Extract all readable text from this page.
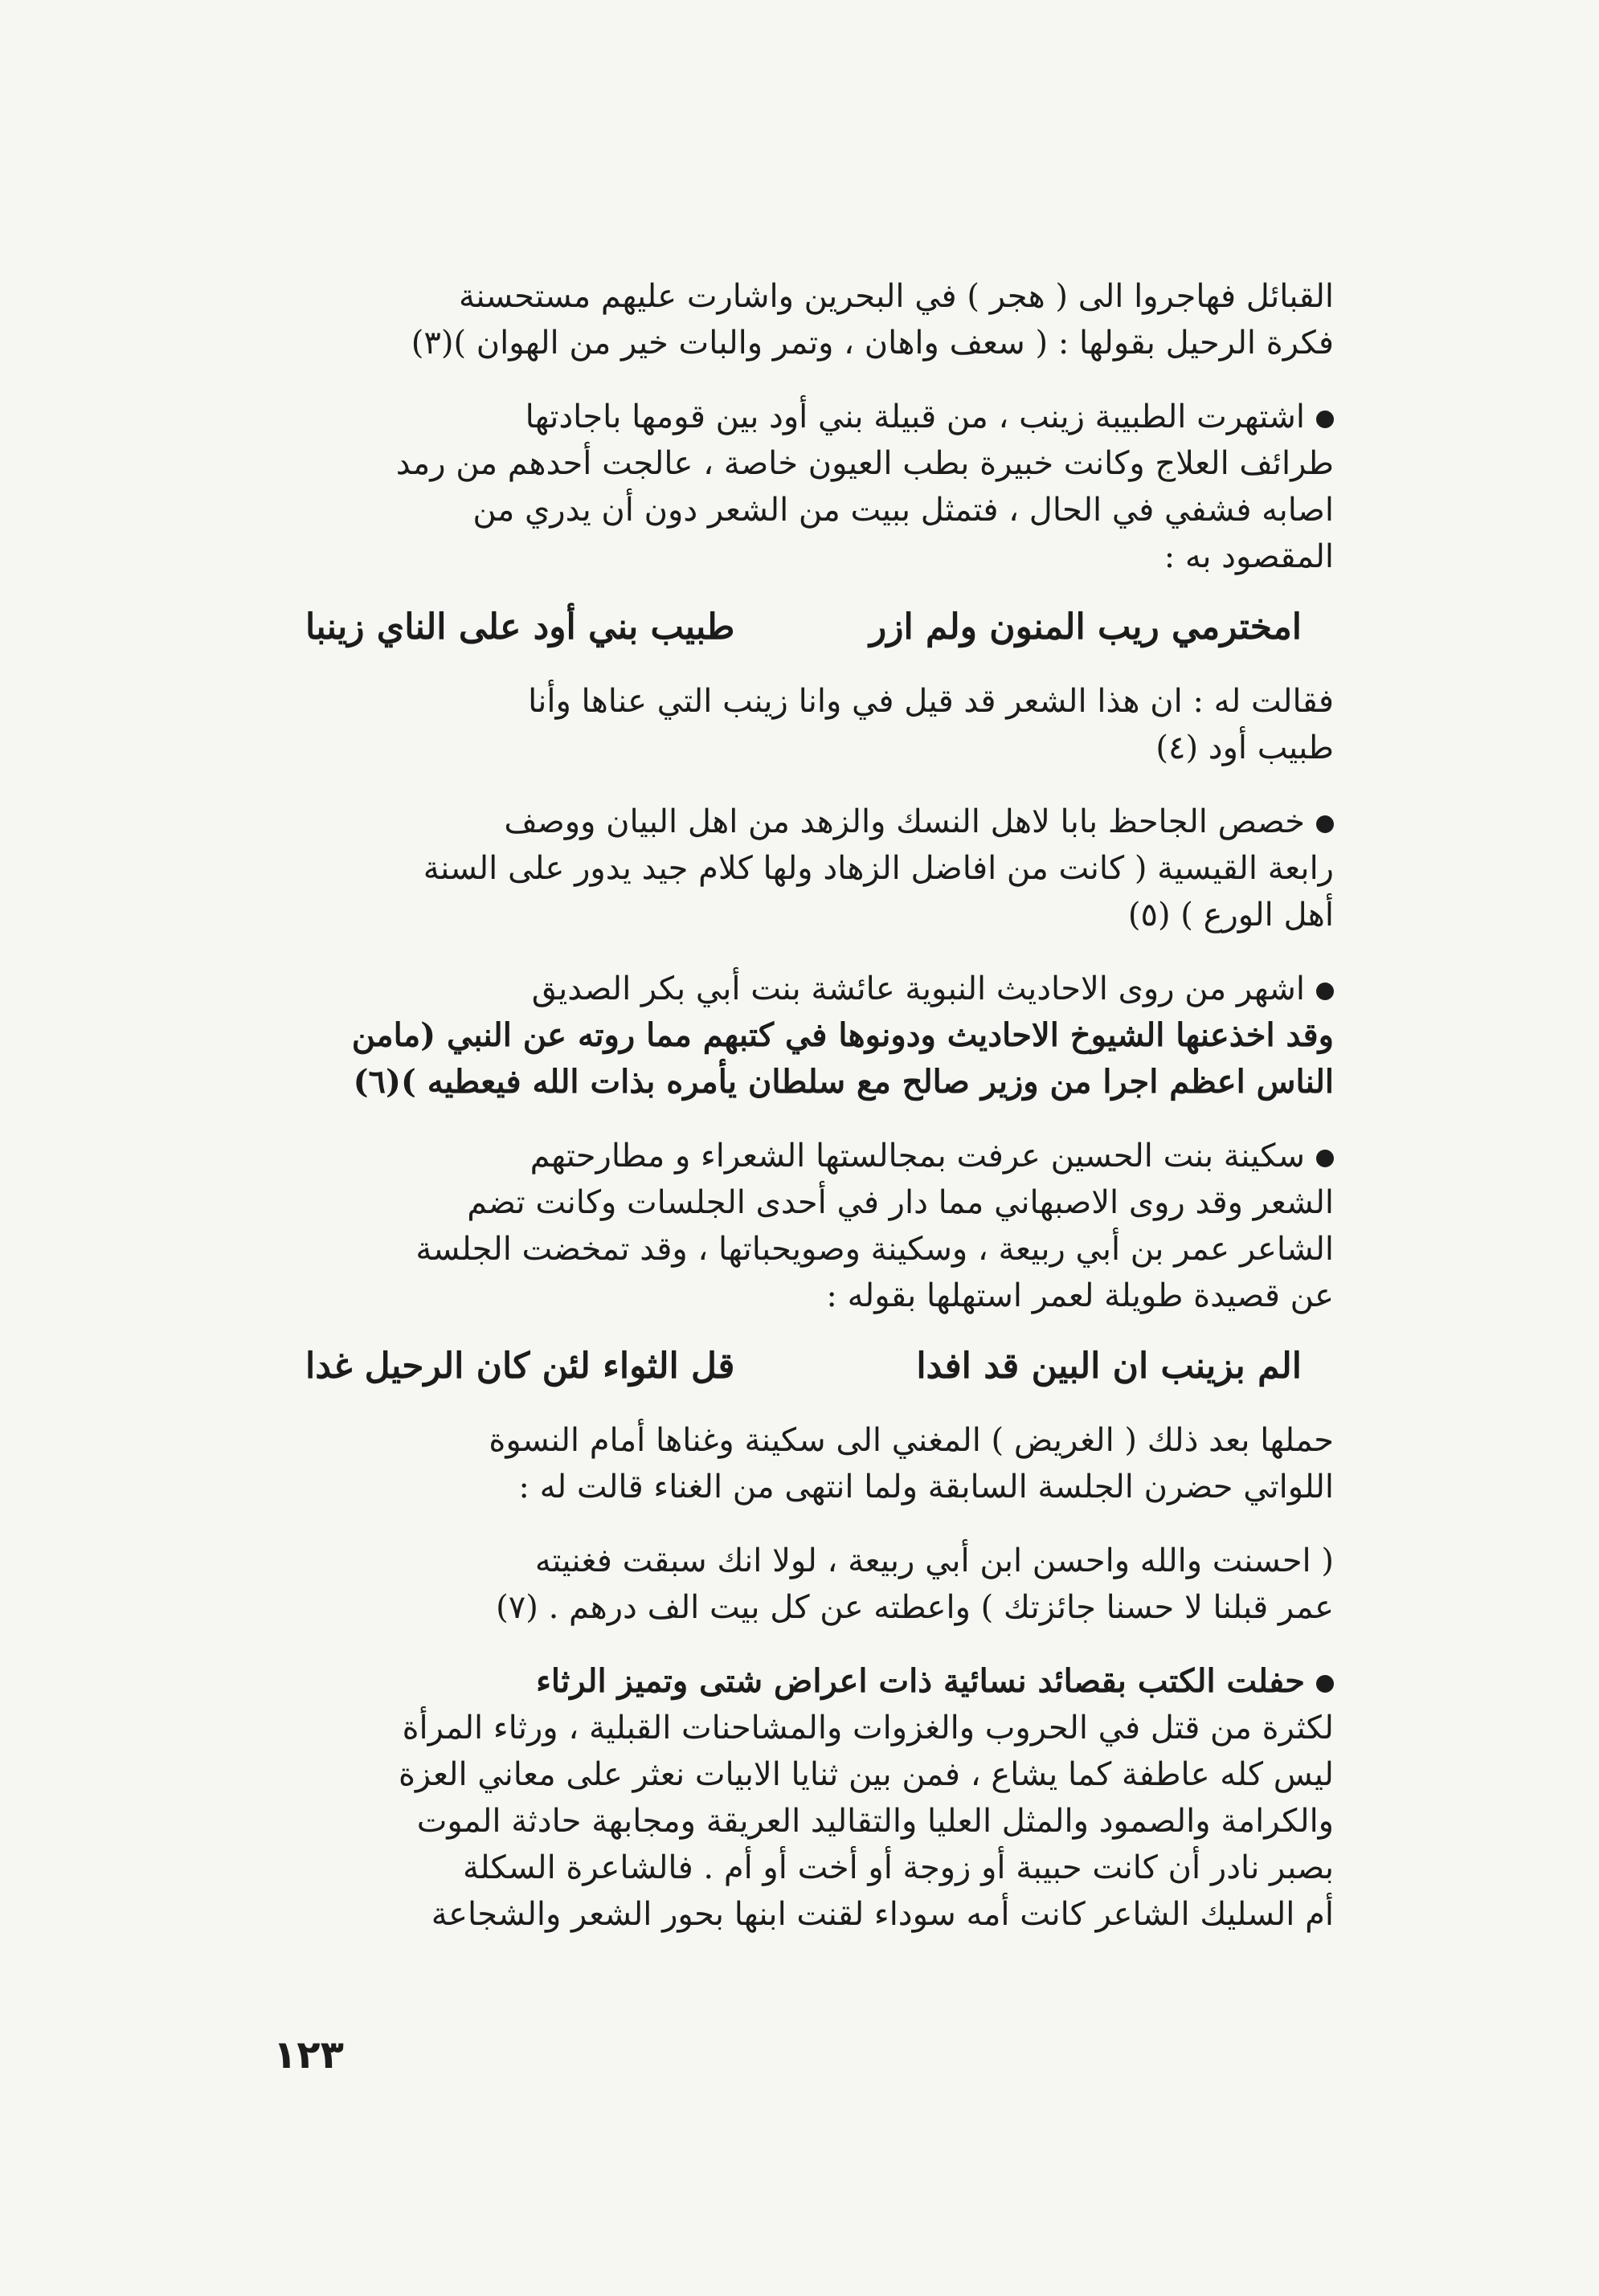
القبائل فهاجروا الى ( هجر ) في البحرين واشارت عليهم مستحسنة
فكرة الرحيل بقولها : ( سعف واهان ، وتمر والبات خير من الهوان )(٣)
اشتهرت الطبيبة زينب ، من قبيلة بني أود بين قومها باجادتها
طرائف العلاج وكانت خبيرة بطب العيون خاصة ، عالجت أحدهم من رمد
اصابه فشفي في الحال ، فتمثل ببيت من الشعر دون أن يدري من
المقصود به :
امخترمي ريب المنون ولم ازر
طبيب بني أود على الناي زينبا
فقالت له : ان هذا الشعر قد قيل في وانا زينب التي عناها وأنا
طبيب أود (٤)
خصص الجاحظ بابا لاهل النسك والزهد من اهل البيان ووصف
رابعة القيسية ( كانت من افاضل الزهاد ولها كلام جيد يدور على السنة
أهل الورع ) (٥)
اشهر من روى الاحاديث النبوية عائشة بنت أبي بكر الصديق
وقد اخذعنها الشيوخ الاحاديث ودونوها في كتبهم مما روته عن النبي (مامن
الناس اعظم اجرا من وزير صالح مع سلطان يأمره بذات الله فيعطيه )(٦)
سكينة بنت الحسين عرفت بمجالستها الشعراء و مطارحتهم
الشعر وقد روى الاصبهاني مما دار في أحدى الجلسات وكانت تضم
الشاعر عمر بن أبي ربيعة ، وسكينة وصويحباتها ، وقد تمخضت الجلسة
عن قصيدة طويلة لعمر استهلها بقوله :
الم بزينب ان البين قد افدا
قل الثواء لئن كان الرحيل غدا
حملها بعد ذلك ( الغريض ) المغني الى سكينة وغناها أمام النسوة
اللواتي حضرن الجلسة السابقة ولما انتهى من الغناء قالت له :
( احسنت والله واحسن ابن أبي ربيعة ، لولا انك سبقت فغنيته
عمر قبلنا لا حسنا جائزتك ) واعطته عن كل بيت الف درهم . (٧)
حفلت الكتب بقصائد نسائية ذات اعراض شتى وتميز الرثاء
لكثرة من قتل في الحروب والغزوات والمشاحنات القبلية ، ورثاء المرأة
ليس كله عاطفة كما يشاع ، فمن بين ثنايا الابيات نعثر على معاني العزة
والكرامة والصمود والمثل العليا والتقاليد العريقة ومجابهة حادثة الموت
بصبر نادر أن كانت حبيبة أو زوجة أو أخت أو أم . فالشاعرة السكلة
أم السليك الشاعر كانت أمه سوداء لقنت ابنها بحور الشعر والشجاعة
١٢٣
